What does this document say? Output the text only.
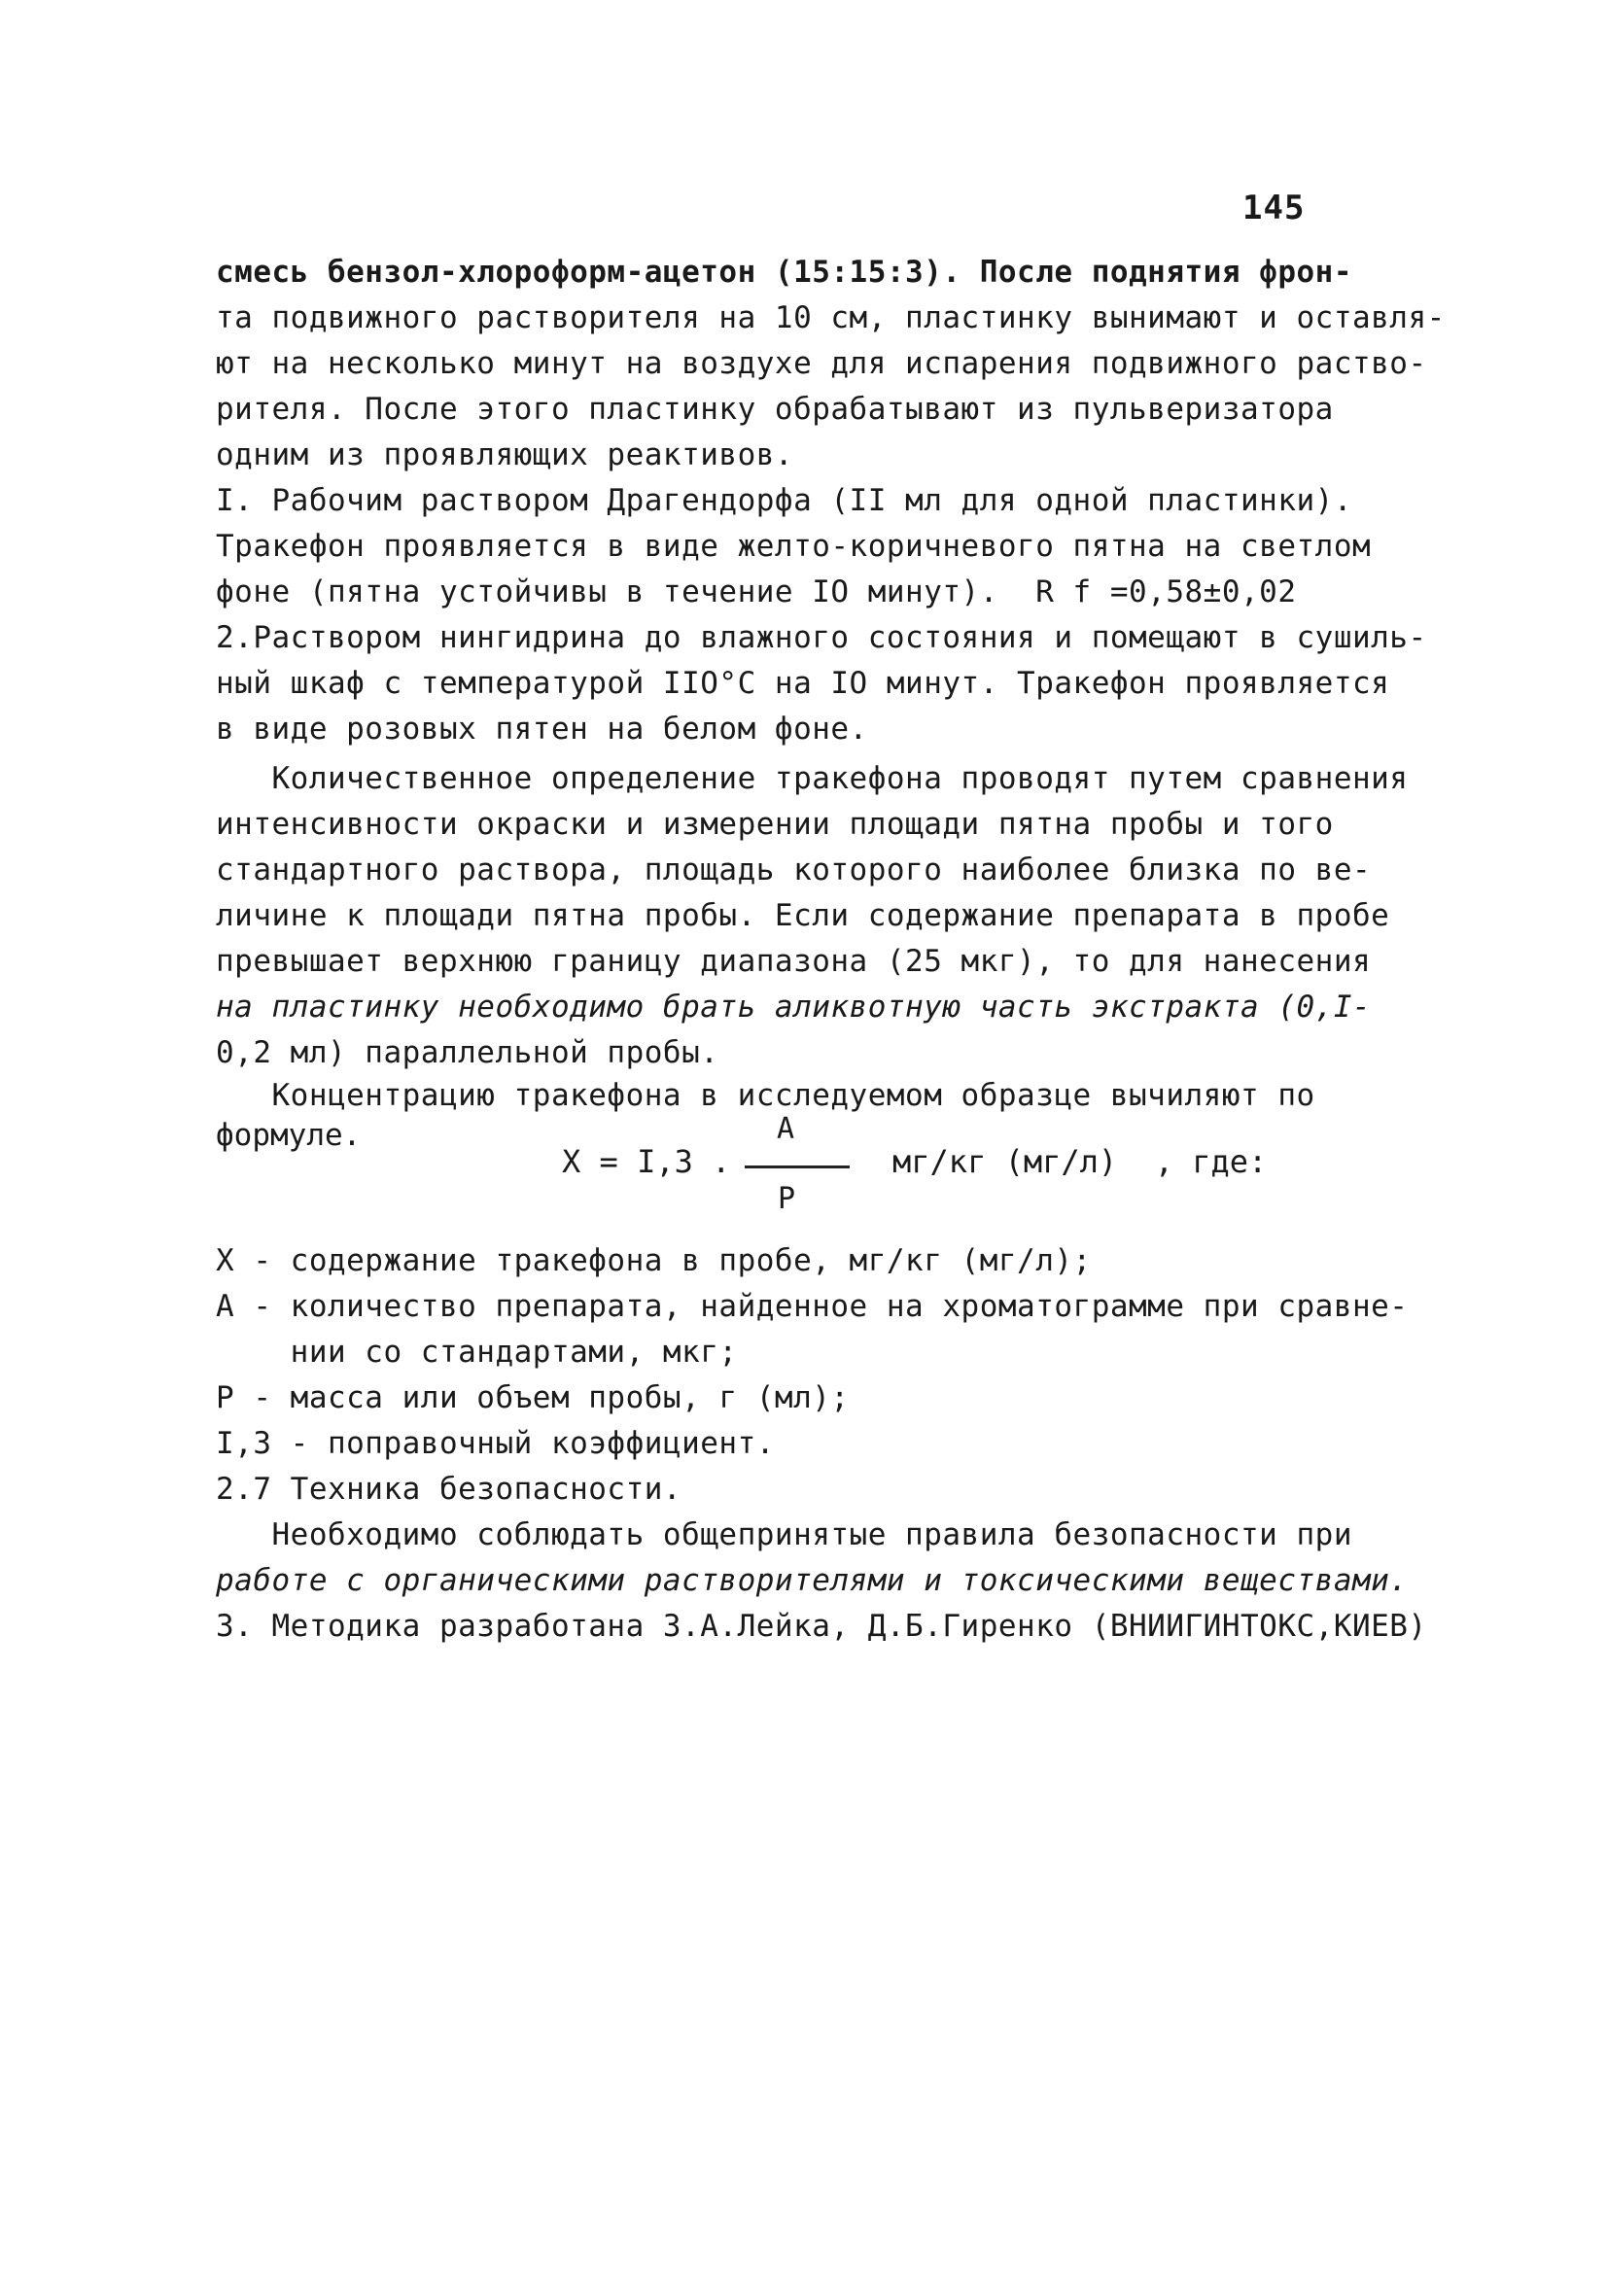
145
смесь бензол-хлороформ-ацетон (15:15:3). После поднятия фрон-
та подвижного растворителя на 10 см, пластинку вынимают и оставля-
ют на несколько минут на воздухе для испарения подвижного раство-
рителя. После этого пластинку обрабатывают из пульверизатора
одним из проявляющих реактивов.
I. Рабочим раствором Драгендорфа (II мл для одной пластинки).
Тракефон проявляется в виде желто-коричневого пятна на светлом
фоне (пятна устойчивы в течение IO минут).  R f =0,58±0,02
2.Раствором нингидрина до влажного состояния и помещают в сушиль-
ный шкаф с температурой IIO°С на IO минут. Тракефон проявляется
в виде розовых пятен на белом фоне.
Количественное определение тракефона проводят путем сравнения
интенсивности окраски и измерении площади пятна пробы и того
стандартного раствора, площадь которого наиболее близка по ве-
личине к площади пятна пробы. Если содержание препарата в пробе
превышает верхнюю границу диапазона (25 мкг), то для нанесения
на пластинку необходимо брать аликвотную часть экстракта (0,I-
0,2 мл) параллельной пробы.
Концентрацию тракефона в исследуемом образце вычиляют по
формуле.
X = I,3 .
A
P
мг/кг (мг/л)  , где:
X - содержание тракефона в пробе, мг/кг (мг/л);
A - количество препарата, найденное на хроматограмме при сравне-
нии со стандартами, мкг;
P - масса или объем пробы, г (мл);
I,3 - поправочный коэффициент.
2.7 Техника безопасности.
Необходимо соблюдать общепринятые правила безопасности при
работе с органическими растворителями и токсическими веществами.
3. Методика разработана З.А.Лейка, Д.Б.Гиренко (ВНИИГИНТОКС,КИЕВ)
